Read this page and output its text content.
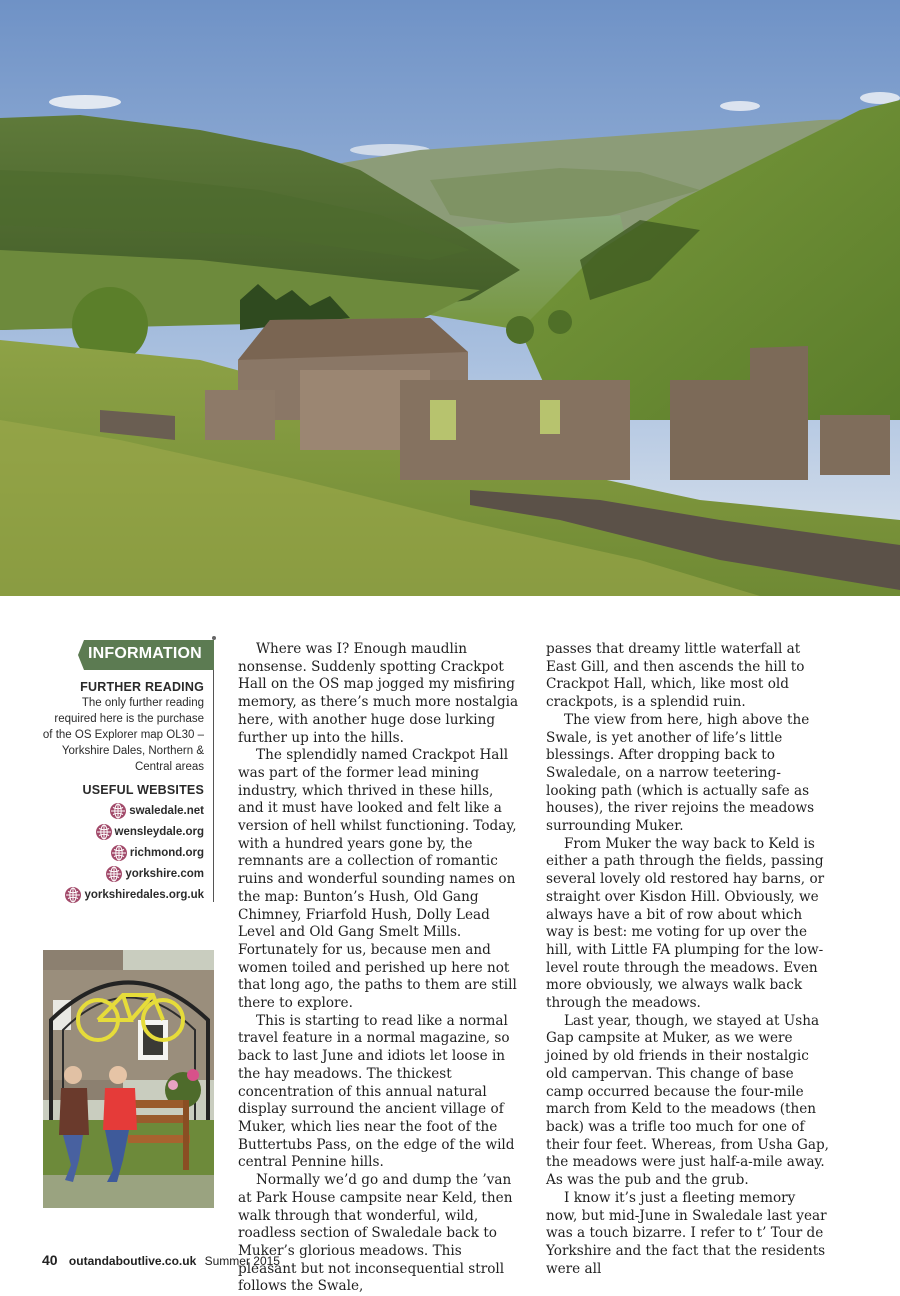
INFORMATION
FURTHER READING

The only further reading required here is the purchase of the OS Explorer map OL30 – Yorkshire Dales, Northern & Central areas

USEFUL WEBSITES
swaledale.net
wensleydale.org
richmond.org
yorkshire.com
yorkshiredales.org.uk

Where was I? Enough maudlin nonsense. Suddenly spotting Crackpot Hall on the OS map jogged my misfiring memory, as there’s much more nostalgia here, with another huge dose lurking further up into the hills.

The splendidly named Crackpot Hall was part of the former lead mining industry, which thrived in these hills, and it must have looked and felt like a version of hell whilst functioning. Today, with a hundred years gone by, the remnants are a collection of romantic ruins and wonderful sounding names on the map: Bunton’s Hush, Old Gang Chimney, Friarfold Hush, Dolly Lead Level and Old Gang Smelt Mills. Fortunately for us, because men and women toiled and perished up here not that long ago, the paths to them are still there to explore.

This is starting to read like a normal travel feature in a normal magazine, so back to last June and idiots let loose in the hay meadows. The thickest concentration of this annual natural display surround the ancient village of Muker, which lies near the foot of the Buttertubs Pass, on the edge of the wild central Pennine hills.

Normally we’d go and dump the ’van at Park House campsite near Keld, then walk through that wonderful, wild, roadless section of Swaledale back to Muker’s glorious meadows. This pleasant but not inconsequential stroll follows the Swale,

passes that dreamy little waterfall at East Gill, and then ascends the hill to Crackpot Hall, which, like most old crackpots, is a splendid ruin.

The view from here, high above the Swale, is yet another of life’s little blessings. After dropping back to Swaledale, on a narrow teetering-looking path (which is actually safe as houses), the river rejoins the meadows surrounding Muker.

From Muker the way back to Keld is either a path through the fields, passing several lovely old restored hay barns, or straight over Kisdon Hill. Obviously, we always have a bit of row about which way is best: me voting for up over the hill, with Little FA plumping for the low-level route through the meadows. Even more obviously, we always walk back through the meadows.

Last year, though, we stayed at Usha Gap campsite at Muker, as we were joined by old friends in their nostalgic old campervan. This change of base camp occurred because the four-mile march from Keld to the meadows (then back) was a trifle too much for one of their four feet. Whereas, from Usha Gap, the meadows were just half-a-mile away. As was the pub and the grub.

I know it’s just a fleeting memory now, but mid-June in Swaledale last year was a touch bizarre. I refer to t’ Tour de Yorkshire and the fact that the residents were all

40 outandaboutlive.co.uk Summer 2015
